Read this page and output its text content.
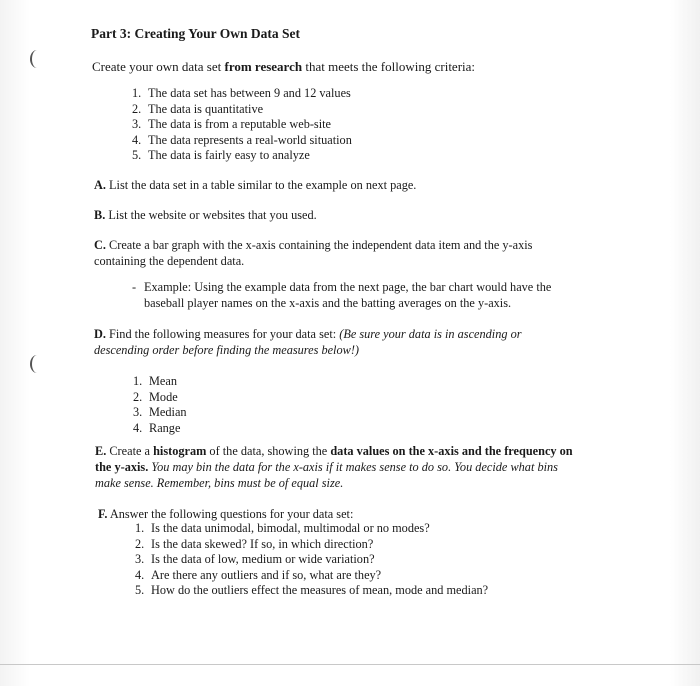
Part 3: Creating Your Own Data Set
Create your own data set from research that meets the following criteria:
1. The data set has between 9 and 12 values
2. The data is quantitative
3. The data is from a reputable web-site
4. The data represents a real-world situation
5. The data is fairly easy to analyze
A. List the data set in a table similar to the example on next page.
B. List the website or websites that you used.
C. Create a bar graph with the x-axis containing the independent data item and the y-axis
containing the dependent data.
- Example: Using the example data from the next page, the bar chart would have the
baseball player names on the x-axis and the batting averages on the y-axis.
D. Find the following measures for your data set: (Be sure your data is in ascending or
descending order before finding the measures below!)
1. Mean
2. Mode
3. Median
4. Range
E. Create a histogram of the data, showing the data values on the x-axis and the frequency on
the y-axis. You may bin the data for the x-axis if it makes sense to do so. You decide what bins
make sense. Remember, bins must be of equal size.
F. Answer the following questions for your data set:
1. Is the data unimodal, bimodal, multimodal or no modes?
2. Is the data skewed? If so, in which direction?
3. Is the data of low, medium or wide variation?
4. Are there any outliers and if so, what are they?
5. How do the outliers effect the measures of mean, mode and median?
